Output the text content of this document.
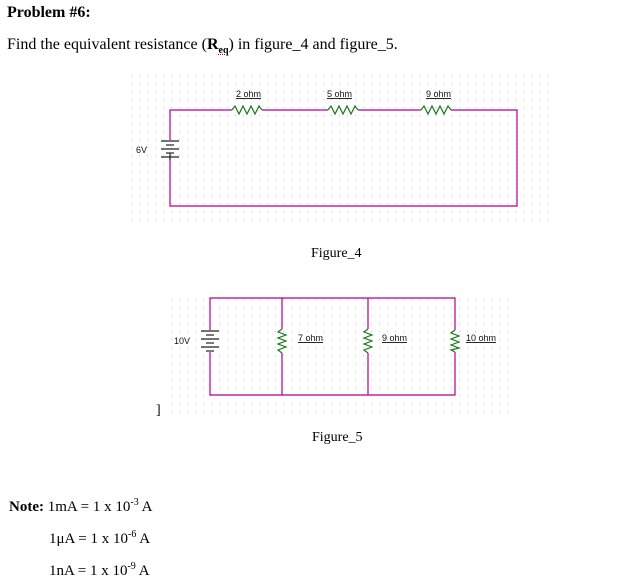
Problem #6:
Find the equivalent resistance $(R_{eq})$ in figure_4 and figure_5.
6V
2 ohm	5 ohm	9 ohm
10V	7 ohm	9 ohm	10 ohm
]
Figure_4
Figure_5
Note: 1mA = 1 x $10^{-3}$ A
1μA = 1 x $10^{-6}$ A
1nA = 1 x $10^{-9}$ A
